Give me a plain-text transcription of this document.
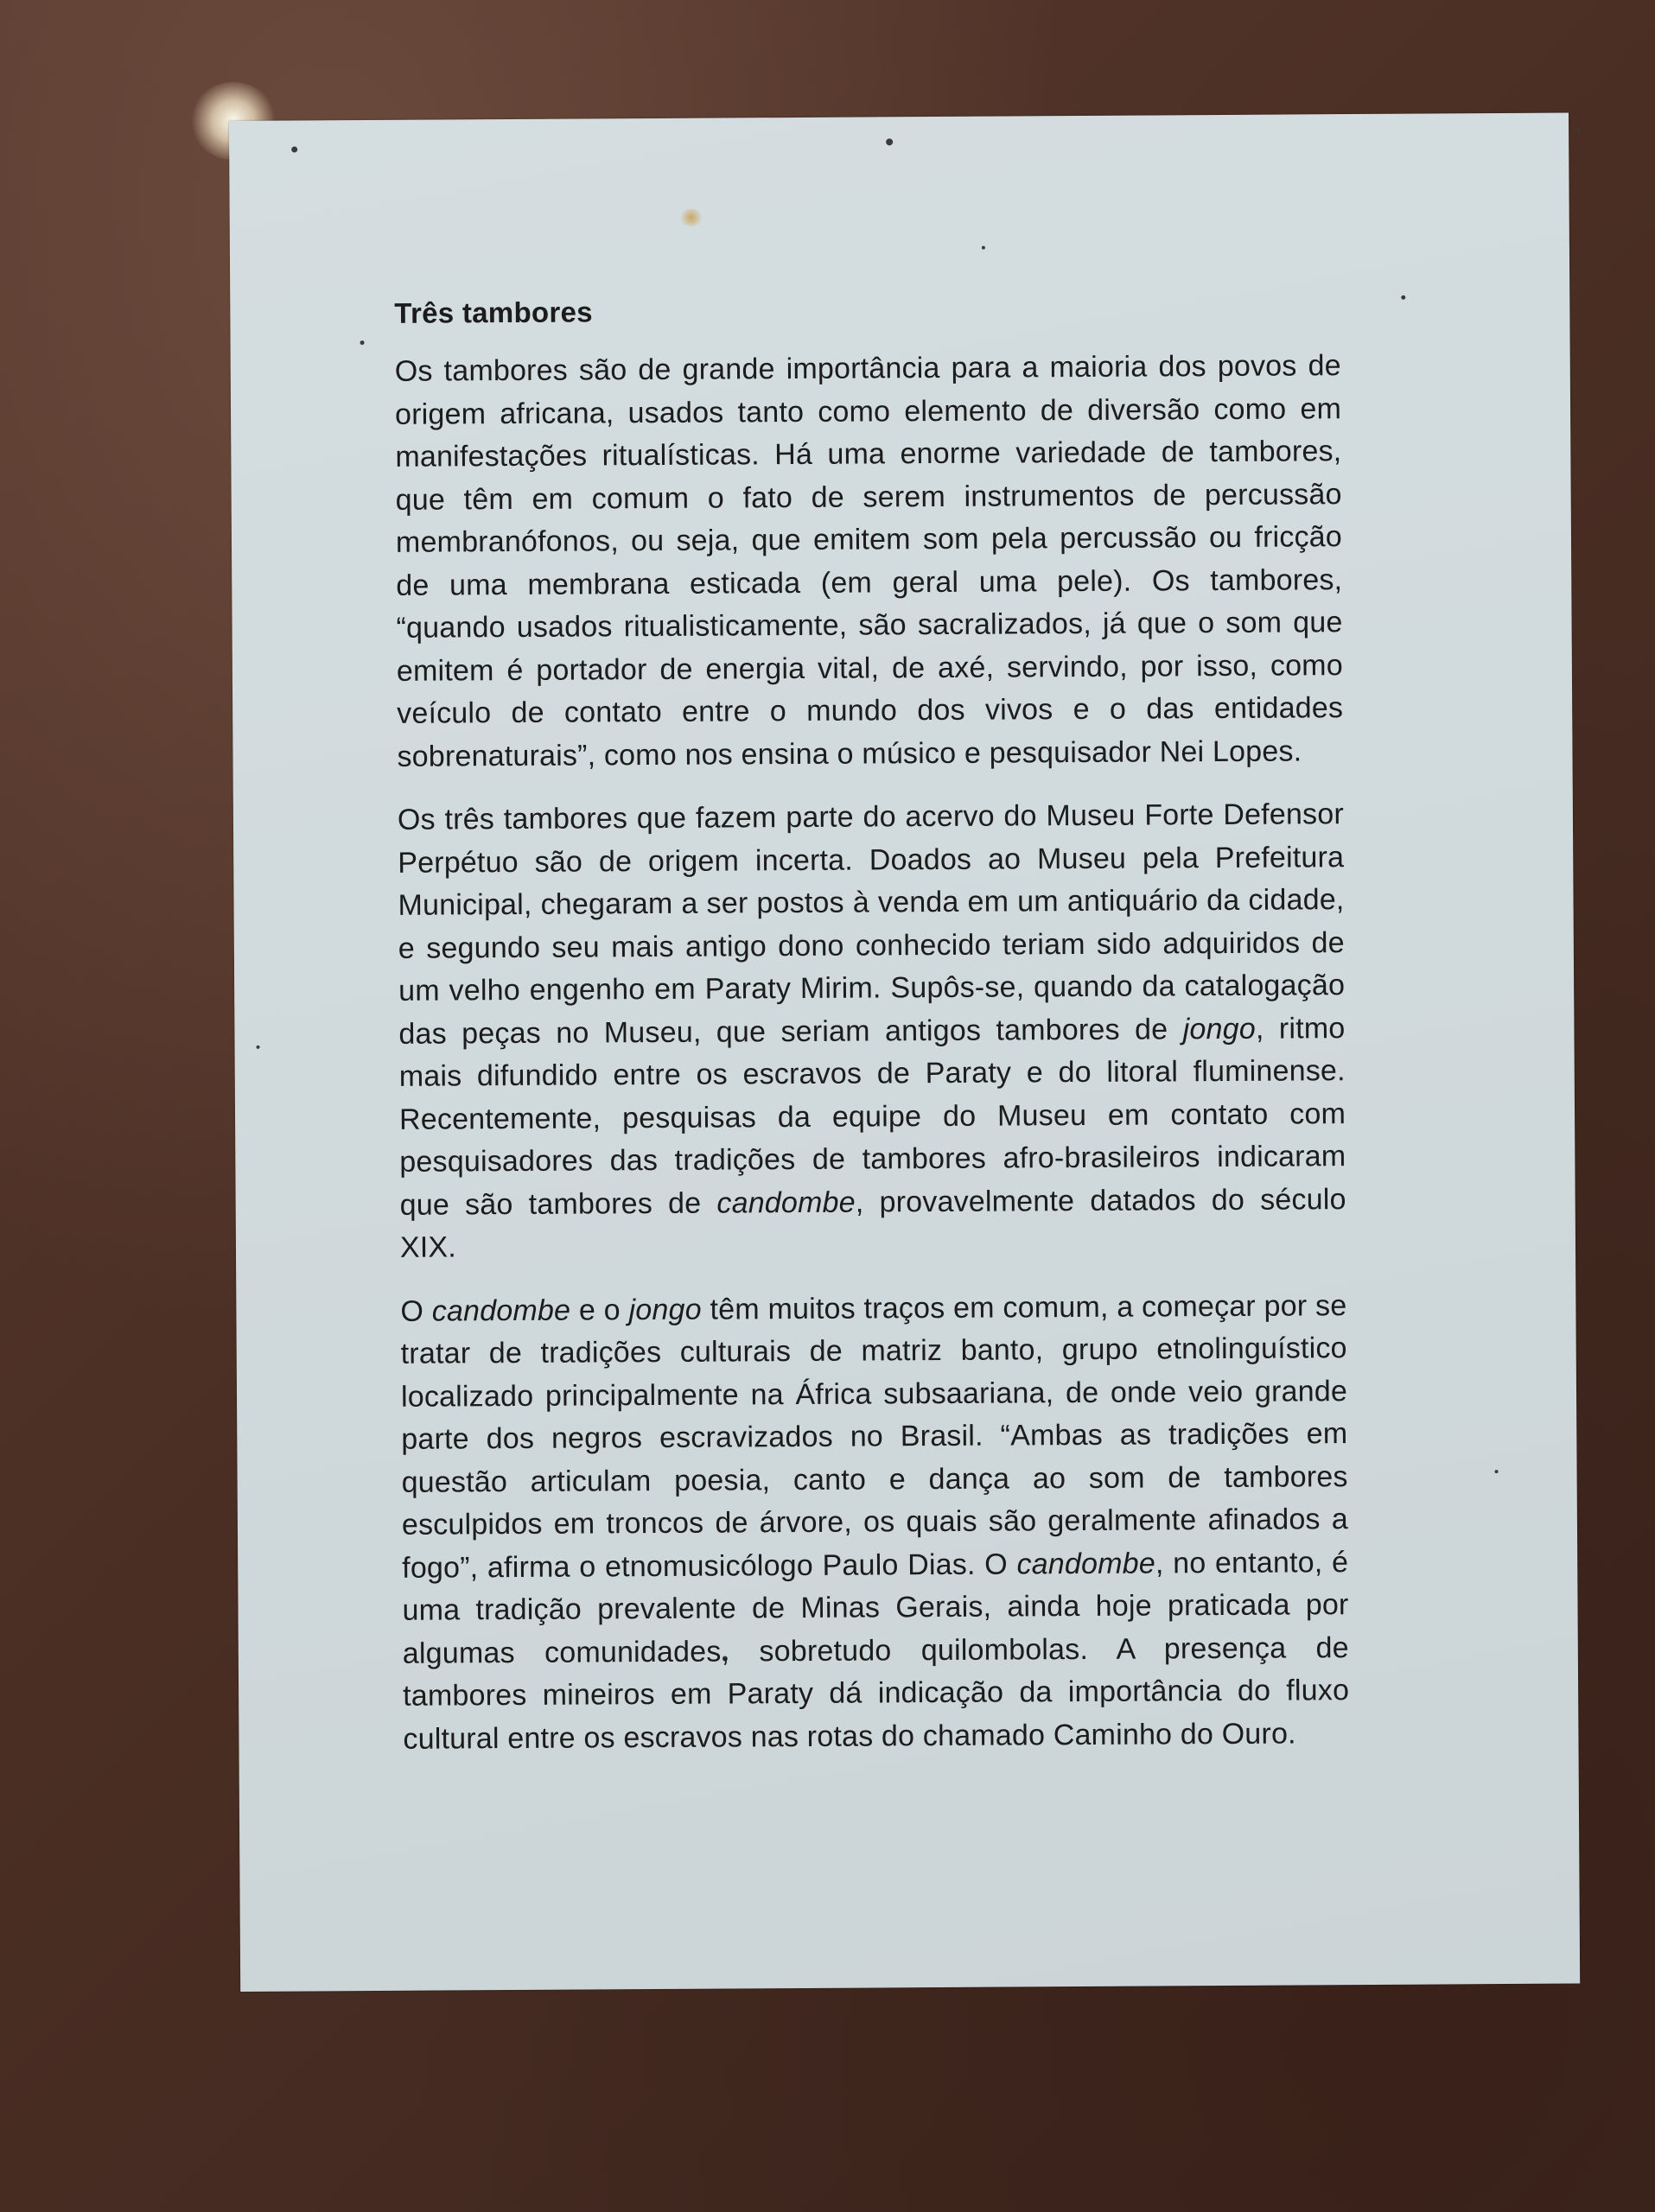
Três tambores

Os tambores são de grande importância para a maioria dos povos de origem africana, usados tanto como elemento de diversão como em manifestações ritualísticas. Há uma enorme variedade de tambores, que têm em comum o fato de serem instrumentos de percussão membranófonos, ou seja, que emitem som pela percussão ou fricção de uma membrana esticada (em geral uma pele). Os tambores, “quando usados ritualisticamente, são sacralizados, já que o som que emitem é portador de energia vital, de axé, servindo, por isso, como veículo de contato entre o mundo dos vivos e o das entidades sobrenaturais”, como nos ensina o músico e pesquisador Nei Lopes.

Os três tambores que fazem parte do acervo do Museu Forte Defensor Perpétuo são de origem incerta. Doados ao Museu pela Prefeitura Municipal, chegaram a ser postos à venda em um antiquário da cidade, e segundo seu mais antigo dono conhecido teriam sido adquiridos de um velho engenho em Paraty Mirim. Supôs-se, quando da catalogação das peças no Museu, que seriam antigos tambores de jongo, ritmo mais difundido entre os escravos de Paraty e do litoral fluminense. Recentemente, pesquisas da equipe do Museu em contato com pesquisadores das tradições de tambores afro-brasileiros indicaram que são tambores de candombe, provavelmente datados do século XIX.

O candombe e o jongo têm muitos traços em comum, a começar por se tratar de tradições culturais de matriz banto, grupo etnolinguístico localizado principalmente na África subsaariana, de onde veio grande parte dos negros escravizados no Brasil. “Ambas as tradições em questão articulam poesia, canto e dança ao som de tambores esculpidos em troncos de árvore, os quais são geralmente afinados a fogo”, afirma o etnomusicólogo Paulo Dias. O candombe, no entanto, é uma tradição prevalente de Minas Gerais, ainda hoje praticada por algumas comunidades, sobretudo quilombolas. A presença de tambores mineiros em Paraty dá indicação da importância do fluxo cultural entre os escravos nas rotas do chamado Caminho do Ouro.
